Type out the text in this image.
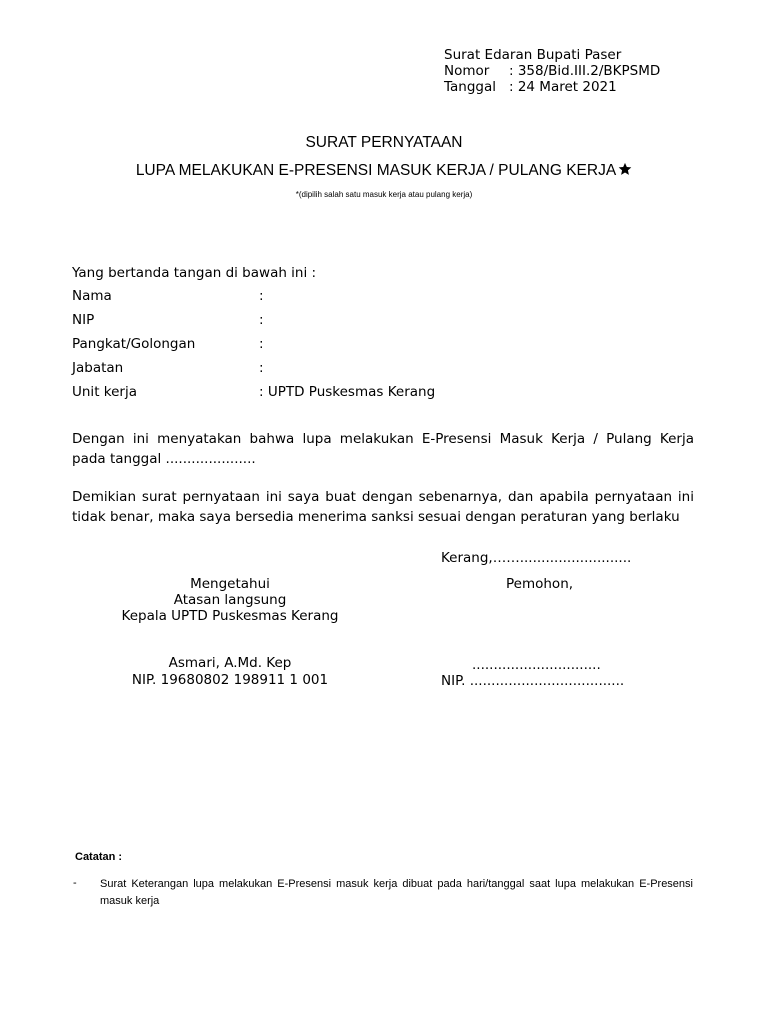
Surat Edaran Bupati Paser
Nomor : 358/Bid.III.2/BKPSMD
Tanggal : 24 Maret 2021
SURAT PERNYATAAN
LUPA MELAKUKAN E-PRESENSI MASUK KERJA / PULANG KERJA
*(dipilih salah satu masuk kerja atau pulang kerja)
Yang bertanda tangan di bawah ini :
Nama	:
NIP	:
Pangkat/Golongan	:
Jabatan	:
Unit kerja	: UPTD Puskesmas Kerang
Dengan ini menyatakan bahwa lupa melakukan E-Presensi Masuk Kerja / Pulang Kerja
pada tanggal .....................
Demikian surat pernyataan ini saya buat dengan sebenarnya, dan apabila pernyataan ini
tidak benar, maka saya bersedia menerima sanksi sesuai dengan peraturan yang berlaku
Kerang,……..........................
Mengetahui
Atasan langsung
Kepala UPTD Puskesmas Kerang
Asmari, A.Md. Kep
NIP. 19680802 198911 1 001
Pemohon,
..............................
NIP. ....................................
Catatan :
- Surat Keterangan lupa melakukan E-Presensi masuk kerja dibuat pada hari/tanggal saat lupa melakukan E-Presensi masuk kerja
